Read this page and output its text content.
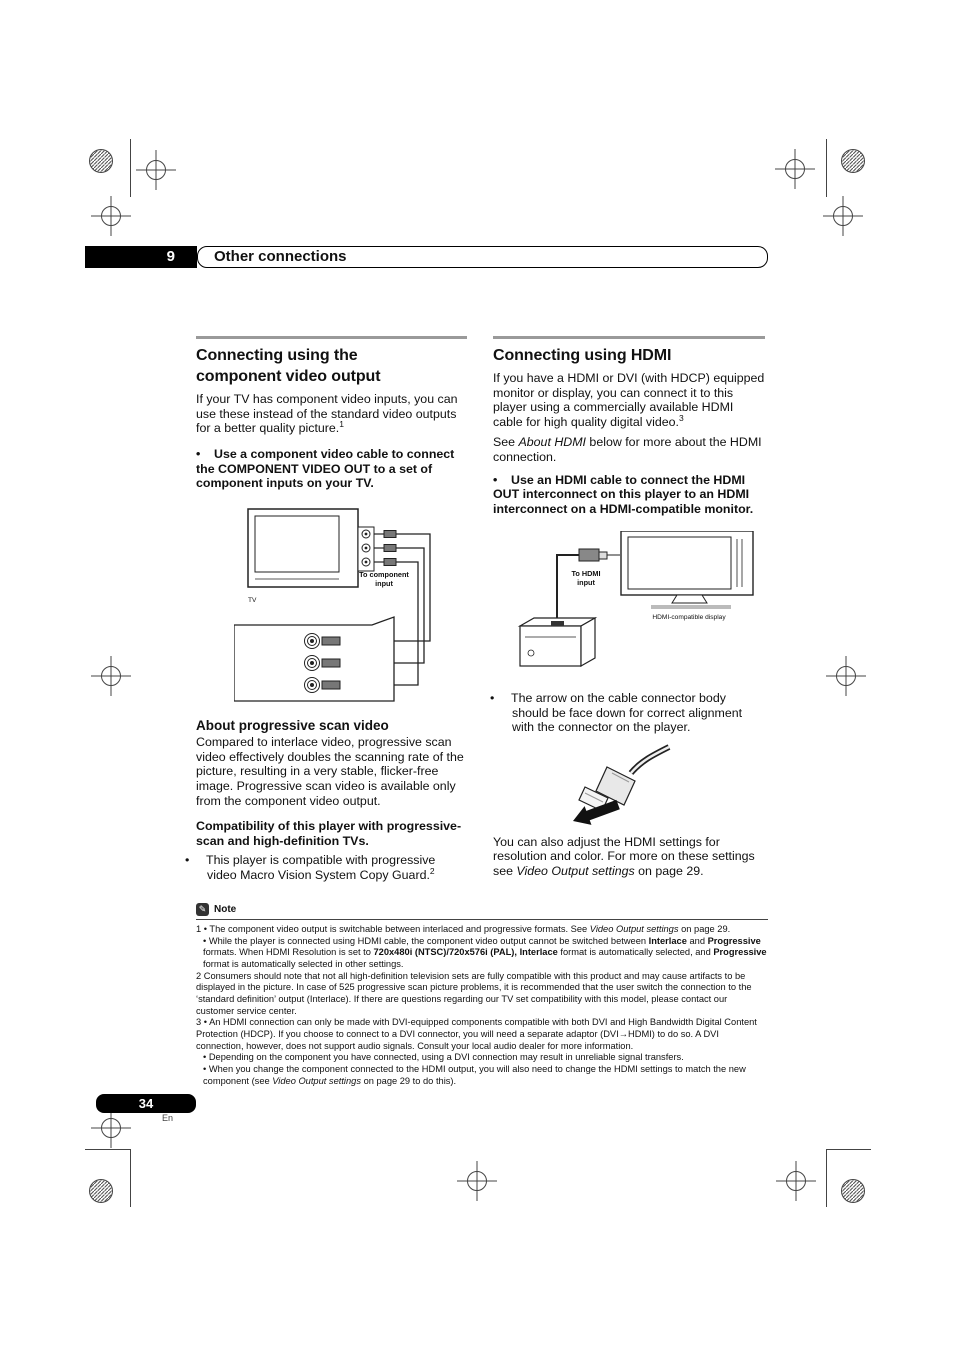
9	Other connections
Connecting using the
component video output

If your TV has component video inputs, you can use these instead of the standard video outputs for a better quality picture.$^1$

• Use a component video cable to connect the COMPONENT VIDEO OUT to a set of component inputs on your TV.

To component
input
TV
About progressive scan video

Compared to interlace video, progressive scan video effectively doubles the scanning rate of the picture, resulting in a very stable, flicker-free image. Progressive scan video is available only from the component video output.

Compatibility of this player with progressive-scan and high-definition TVs.

• This player is compatible with progressive video Macro Vision System Copy Guard.$^2$

Connecting using HDMI

If you have a HDMI or DVI (with HDCP) equipped monitor or display, you can connect it to this player using a commercially available HDMI cable for high quality digital video.$^3$

See About HDMI below for more about the HDMI connection.

• Use an HDMI cable to connect the HDMI OUT interconnect on this player to an HDMI interconnect on a HDMI-compatible monitor.

HDMI-compatible display
To HDMI
input

• The arrow on the cable connector body should be face down for correct alignment with the connector on the player.

You can also adjust the HDMI settings for resolution and color. For more on these settings see Video Output settings on page 29.

✎ Note

1 • The component video output is switchable between interlaced and progressive formats. See Video Output settings on page 29.

• While the player is connected using HDMI cable, the component video output cannot be switched between Interlace and Progressive formats. When HDMI Resolution is set to 720x480i (NTSC)/720x576i (PAL), Interlace format is automatically selected, and Progressive format is automatically selected in other settings.

2 Consumers should note that not all high-definition television sets are fully compatible with this product and may cause artifacts to be displayed in the picture. In case of 525 progressive scan picture problems, it is recommended that the user switch the connection to the ‘standard definition’ output (Interlace). If there are questions regarding our TV set compatibility with this model, please contact our customer service center.

3 • An HDMI connection can only be made with DVI-equipped components compatible with both DVI and High Bandwidth Digital Content Protection (HDCP). If you choose to connect to a DVI connector, you will need a separate adaptor (DVI→HDMI) to do so. A DVI connection, however, does not support audio signals. Consult your local audio dealer for more information.

• Depending on the component you have connected, using a DVI connection may result in unreliable signal transfers.

• When you change the component connected to the HDMI output, you will also need to change the HDMI settings to match the new component (see Video Output settings on page 29 to do this).

34
En
